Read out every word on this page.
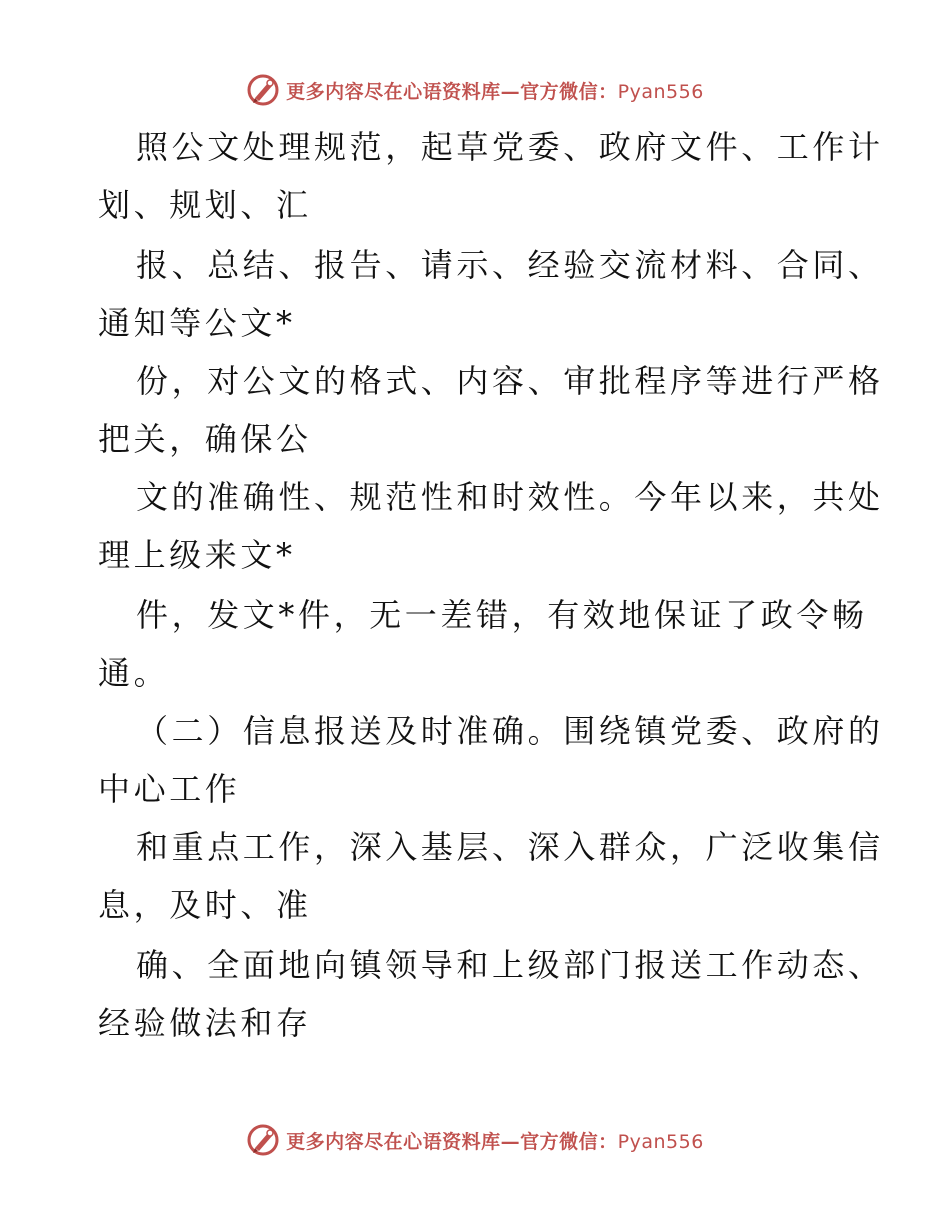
更多内容尽在心语资料库—官方微信：Pyan556
照公文处理规范，起草党委、政府文件、工作计
划、规划、汇
报、总结、报告、请示、经验交流材料、合同、
通知等公文*
份，对公文的格式、内容、审批程序等进行严格
把关，确保公
文的准确性、规范性和时效性。今年以来，共处
理上级来文*
件，发文*件，无一差错，有效地保证了政令畅
通。
（二）信息报送及时准确。围绕镇党委、政府的
中心工作
和重点工作，深入基层、深入群众，广泛收集信
息，及时、准
确、全面地向镇领导和上级部门报送工作动态、
经验做法和存
更多内容尽在心语资料库—官方微信：Pyan556
